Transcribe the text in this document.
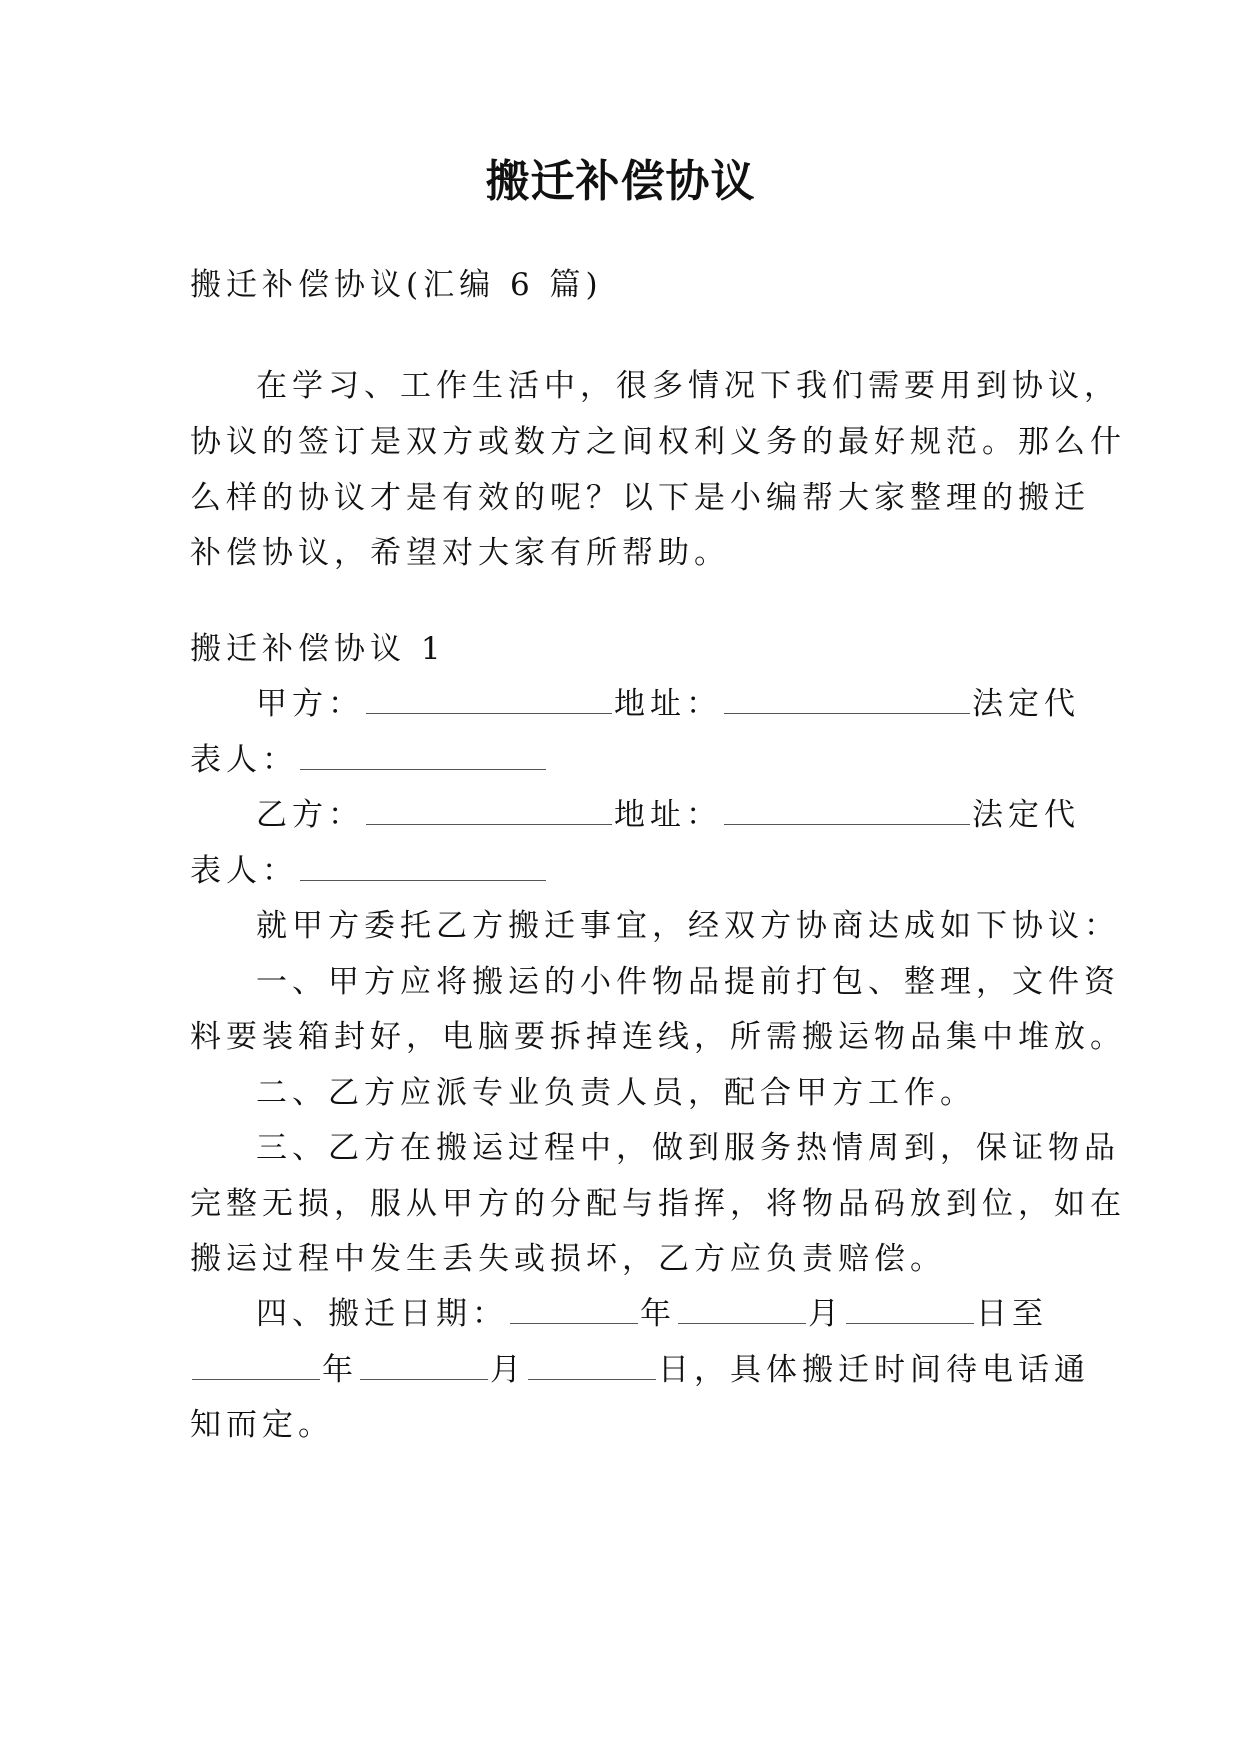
搬迁补偿协议
搬迁补偿协议(汇编 6 篇)
在学习、工作生活中，很多情况下我们需要用到协议，
协议的签订是双方或数方之间权利义务的最好规范。那么什
么样的协议才是有效的呢？以下是小编帮大家整理的搬迁
补偿协议，希望对大家有所帮助。
搬迁补偿协议 1
甲方：	地址：	法定代
表人：
乙方：	地址：	法定代
表人：
就甲方委托乙方搬迁事宜，经双方协商达成如下协议：
一、甲方应将搬运的小件物品提前打包、整理，文件资
料要装箱封好，电脑要拆掉连线，所需搬运物品集中堆放。
二、乙方应派专业负责人员，配合甲方工作。
三、乙方在搬运过程中，做到服务热情周到，保证物品
完整无损，服从甲方的分配与指挥，将物品码放到位，如在
搬运过程中发生丢失或损坏，乙方应负责赔偿。
四、搬迁日期：	年	月	日至
年	月	日，具体搬迁时间待电话通
知而定。
